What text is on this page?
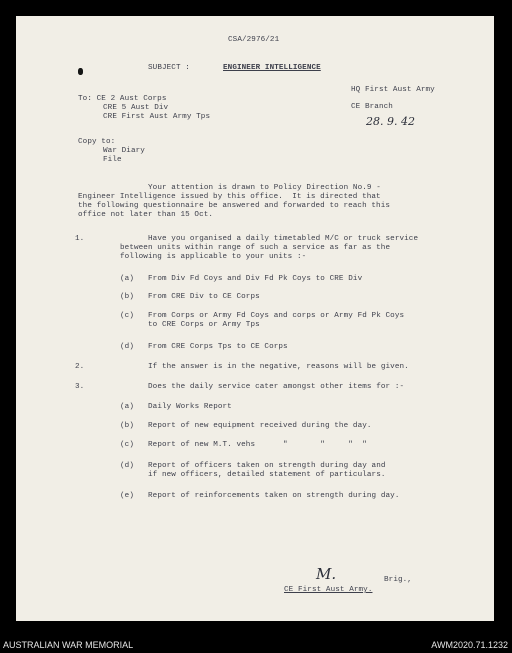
CSA/2976/21
SUBJECT :	ENGINEER INTELLIGENCE
HQ First Aust Army
CE Branch
28. 9. 42
To: CE 2 Aust Corps
CRE 5 Aust Div
CRE First Aust Army Tps
Copy to:
War Diary
File
Your attention is drawn to Policy Direction No.9 -
Engineer Intelligence issued by this office.  It is directed that
the following questionnaire be answered and forwarded to reach this
office not later than 15 Oct.
1.	Have you organised a daily timetabled M/C or truck service
between units within range of such a service as far as the
following is applicable to your units :-
(a) From Div Fd Coys and Div Fd Pk Coys to CRE Div
(b) From CRE Div to CE Corps
(c) From Corps or Army Fd Coys and corps or Army Fd Pk Coys
to CRE Corps or Army Tps
(d) From CRE Corps Tps to CE Corps
2.	If the answer is in the negative, reasons will be given.
3.	Does the daily service cater amongst other items for :-
(a) Daily Works Report
(b) Report of new equipment received during the day.
(c) Report of new M.T. vehs      "       "     "  "
(d) Report of officers taken on strength during day and
if new officers, detailed statement of particulars.
(e) Report of reinforcements taken on strength during day.
M.	Brig.,
CE First Aust Army.
AUSTRALIAN WAR MEMORIAL	AWM2020.71.1232
